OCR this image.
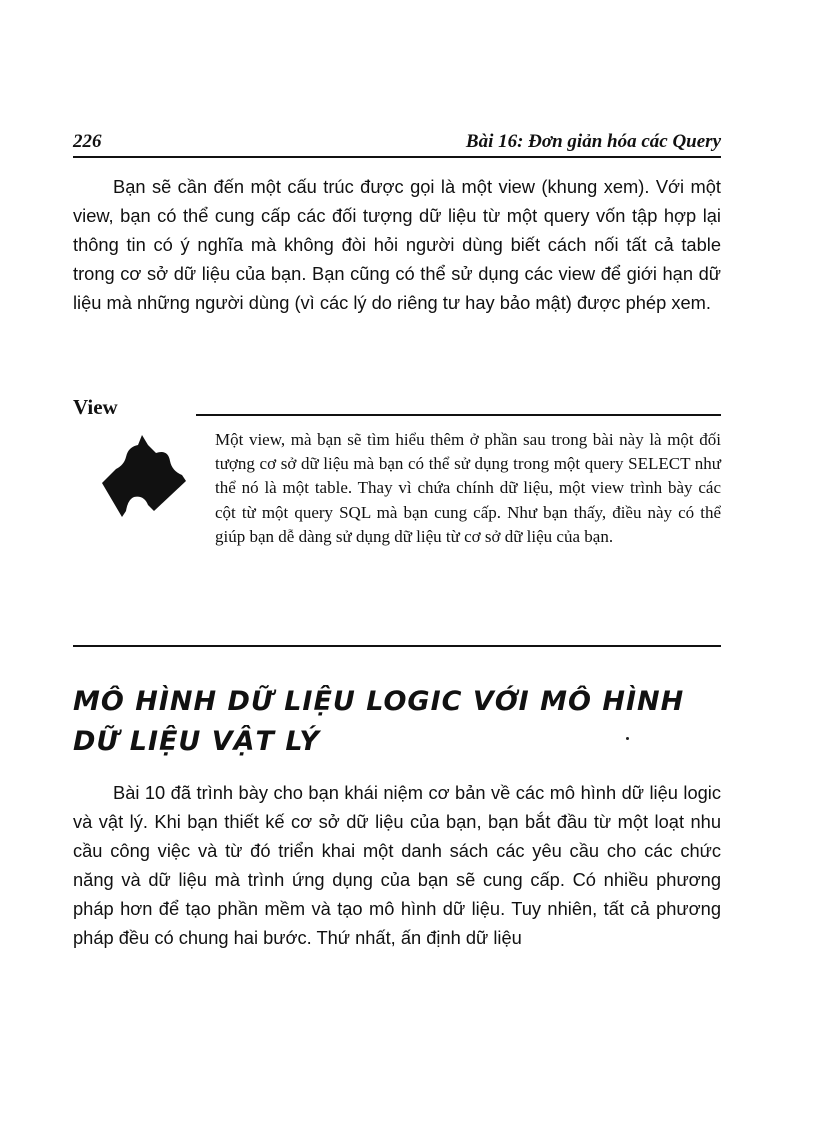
226	Bài 16: Đơn giản hóa các Query

Bạn sẽ cần đến một cấu trúc được gọi là một view (khung xem). Với một view, bạn có thể cung cấp các đối tượng dữ liệu từ một query vốn tập hợp lại thông tin có ý nghĩa mà không đòi hỏi người dùng biết cách nối tất cả table trong cơ sở dữ liệu của bạn. Bạn cũng có thể sử dụng các view để giới hạn dữ liệu mà những người dùng (vì các lý do riêng tư hay bảo mật) được phép xem.

View

Một view, mà bạn sẽ tìm hiểu thêm ở phần sau trong bài này là một đối tượng cơ sở dữ liệu mà bạn có thể sử dụng trong một query SELECT như thể nó là một table. Thay vì chứa chính dữ liệu, một view trình bày các cột từ một query SQL mà bạn cung cấp. Như bạn thấy, điều này có thể giúp bạn dễ dàng sử dụng dữ liệu từ cơ sở dữ liệu của bạn.

MÔ HÌNH DỮ LIỆU LOGIC VỚI MÔ HÌNH DỮ LIỆU VẬT LÝ

Bài 10 đã trình bày cho bạn khái niệm cơ bản về các mô hình dữ liệu logic và vật lý. Khi bạn thiết kế cơ sở dữ liệu của bạn, bạn bắt đầu từ một loạt nhu cầu công việc và từ đó triển khai một danh sách các yêu cầu cho các chức năng và dữ liệu mà trình ứng dụng của bạn sẽ cung cấp. Có nhiều phương pháp hơn để tạo phần mềm và tạo mô hình dữ liệu. Tuy nhiên, tất cả phương pháp đều có chung hai bước. Thứ nhất, ấn định dữ liệu
